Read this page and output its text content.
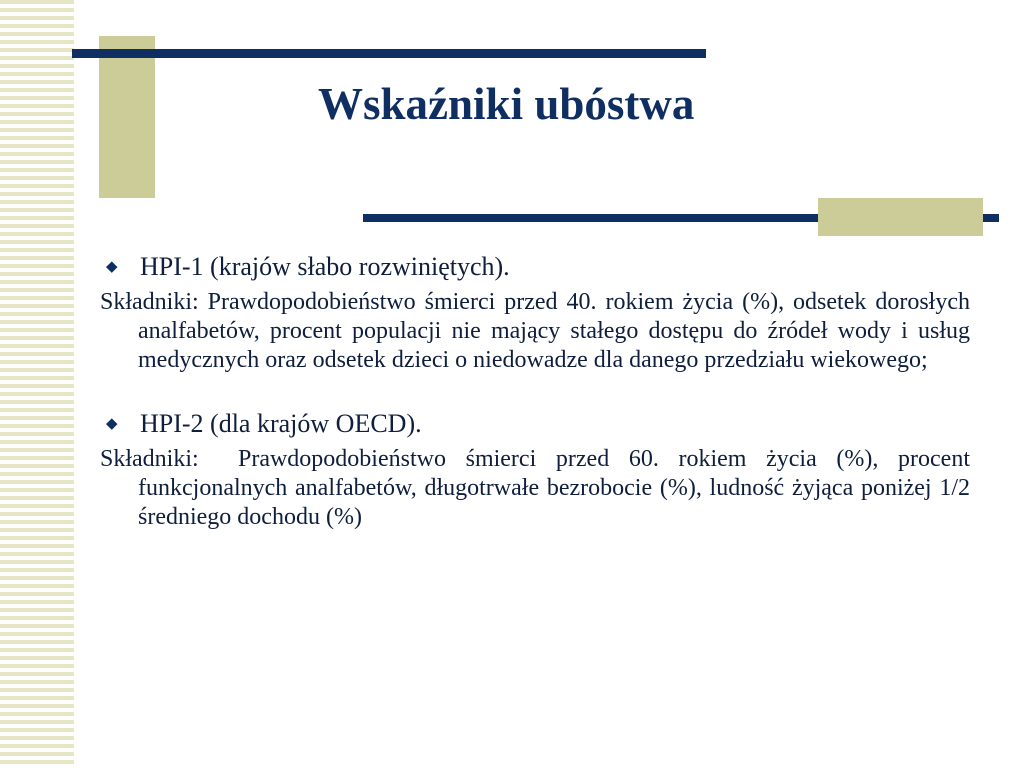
Wskaźniki ubóstwa

◆ HPI-1 (krajów słabo rozwiniętych).

Składniki: Prawdopodobieństwo śmierci przed 40. rokiem życia (%), odsetek dorosłych analfabetów, procent populacji nie mający stałego dostępu do źródeł wody i usług medycznych oraz odsetek dzieci o niedowadze dla danego przedziału wiekowego;

◆ HPI-2 (dla krajów OECD).

Składniki:  Prawdopodobieństwo śmierci przed 60. rokiem życia (%), procent funkcjonalnych analfabetów, długotrwałe bezrobocie (%), ludność żyjąca poniżej 1/2 średniego dochodu (%)
